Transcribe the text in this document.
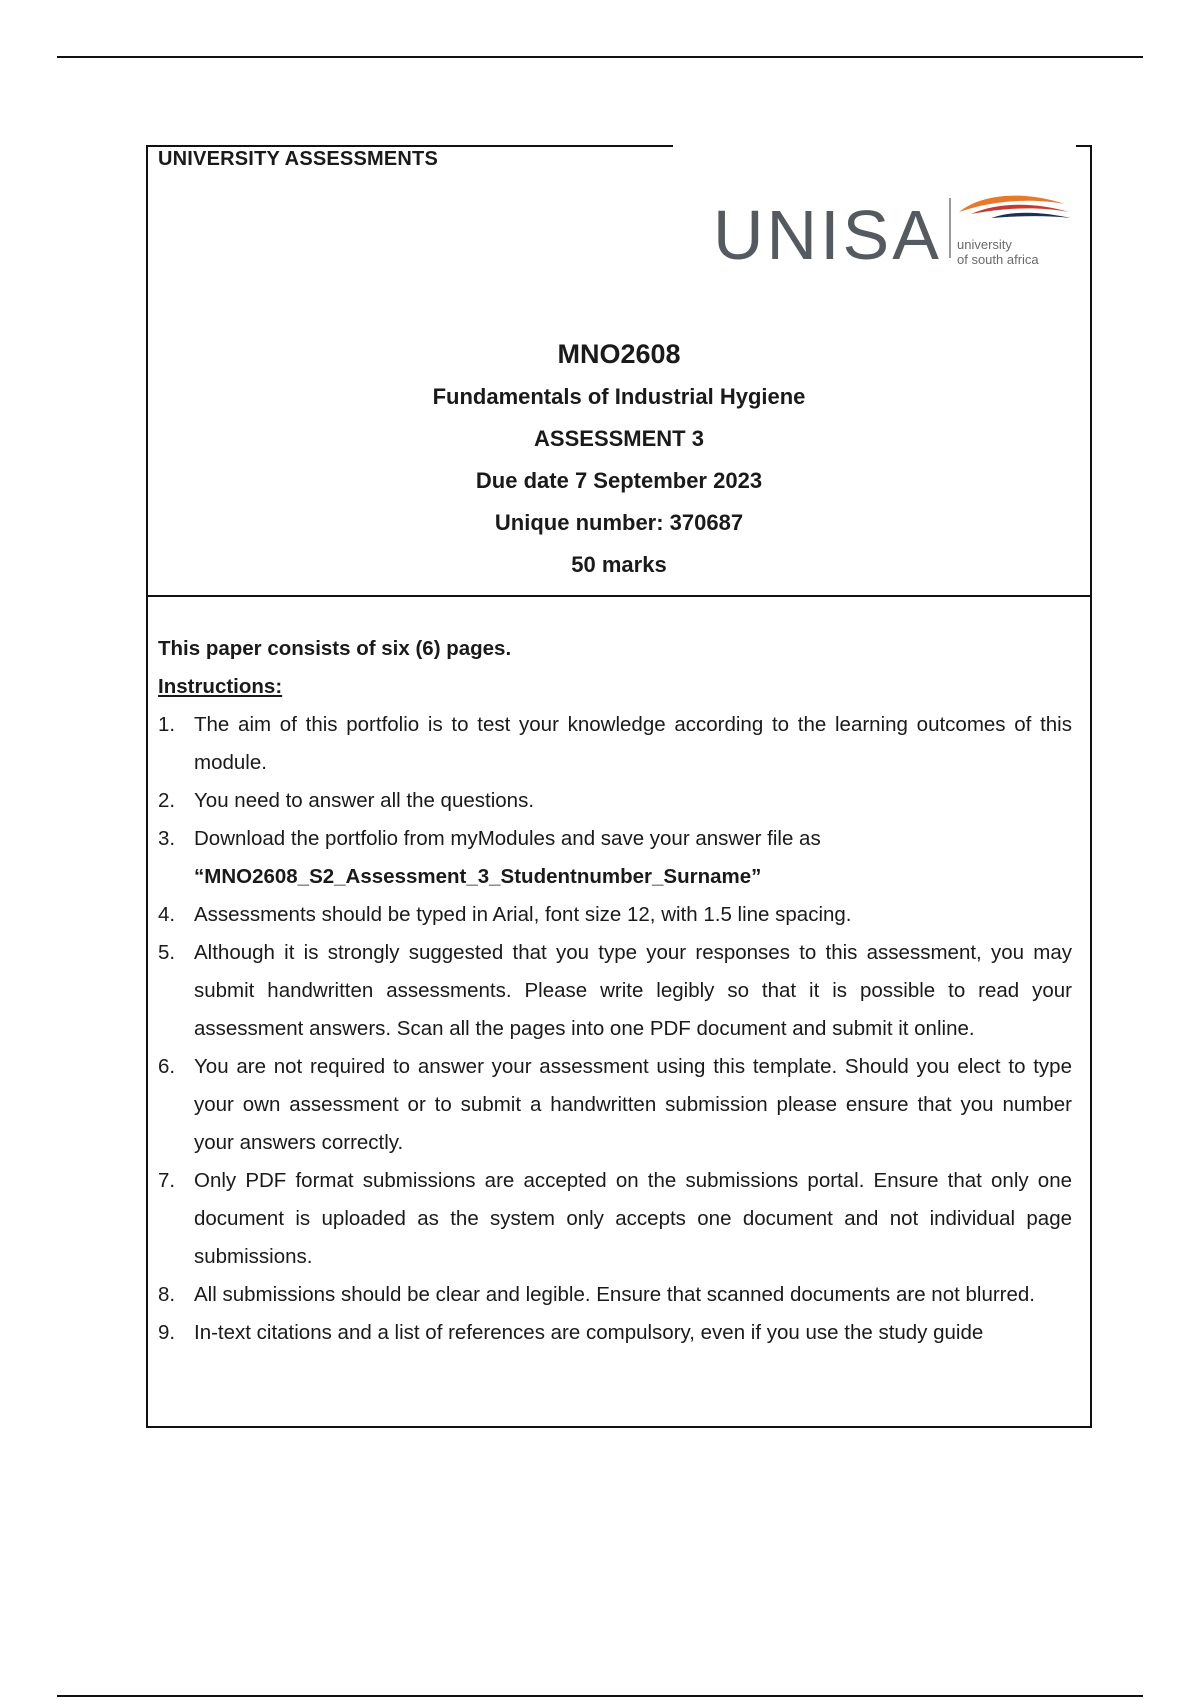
UNIVERSITY ASSESSMENTS
UNISA university
of south africa
MNO2608
Fundamentals of Industrial Hygiene
ASSESSMENT 3
Due date 7 September 2023
Unique number: 370687
50 marks
This paper consists of six (6) pages.
Instructions:
1. The aim of this portfolio is to test your knowledge according to the learning outcomes of this module.
2. You need to answer all the questions.
3. Download the portfolio from myModules and save your answer file as
“MNO2608_S2_Assessment_3_Studentnumber_Surname”
4. Assessments should be typed in Arial, font size 12, with 1.5 line spacing.
5. Although it is strongly suggested that you type your responses to this assessment, you may submit handwritten assessments. Please write legibly so that it is possible to read your assessment answers. Scan all the pages into one PDF document and submit it online.
6. You are not required to answer your assessment using this template. Should you elect to type your own assessment or to submit a handwritten submission please ensure that you number your answers correctly.
7. Only PDF format submissions are accepted on the submissions portal. Ensure that only one document is uploaded as the system only accepts one document and not individual page submissions.
8. All submissions should be clear and legible. Ensure that scanned documents are not blurred.
9. In-text citations and a list of references are compulsory, even if you use the study guide
